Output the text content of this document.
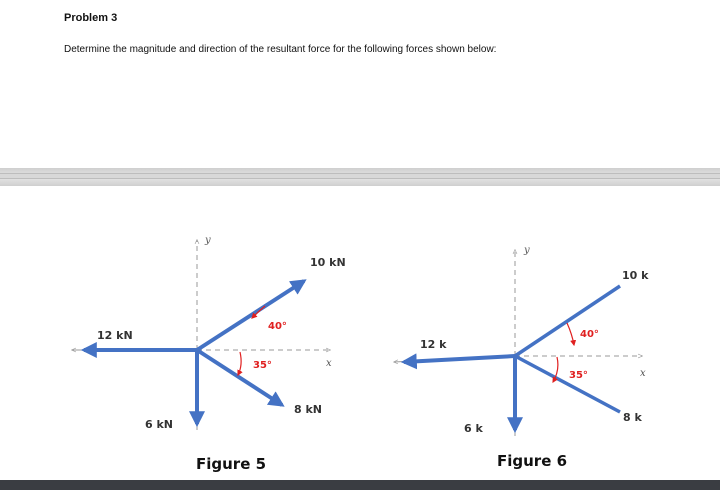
Problem 3
Determine the magnitude and direction of the resultant force for the following forces shown below:
y
x
40°
35°
10 kN
12 kN
8 kN
6 kN
Figure 5
y
x
40°
35°
10 k
12 k
8 k
6 k
Figure 6
